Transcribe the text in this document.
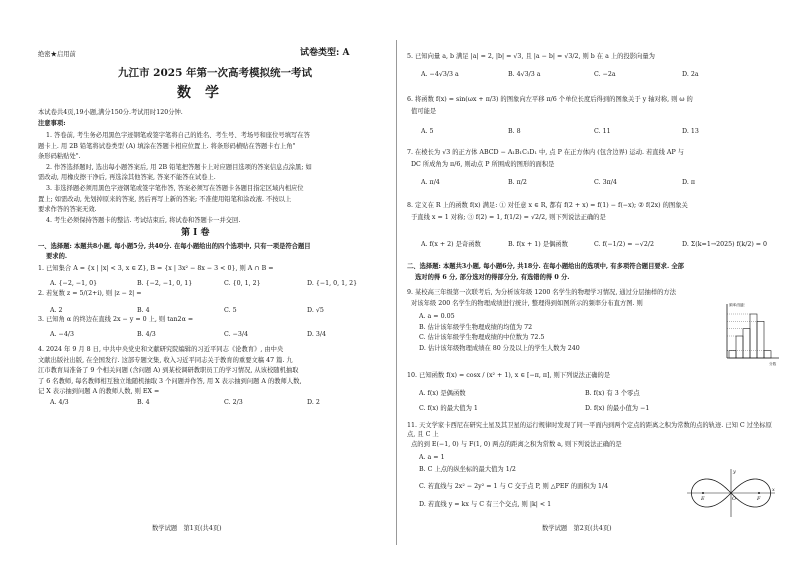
绝密★启用前	试卷类型: A
九江市 2025 年第一次高考模拟统一考试
数　学
本试卷共4页,19小题,满分150分.考试用时120分钟.
注意事项:
1. 答卷前, 考生务必用黑色字迹钢笔或签字笔将自己的姓名、考生号、考场号和座位号填写在答
题卡上. 用 2B 铅笔将试卷类型 (A) 填涂在答题卡相应位置上. 将条形码横贴在答题卡右上角"
条形码粘贴处".
2. 作答选择题时, 选出每小题答案后, 用 2B 铅笔把答题卡上对应题目选项的答案信息点涂黑; 如
需改动, 用橡皮擦干净后, 再选涂其他答案, 答案不能答在试卷上.
3. 非选择题必须用黑色字迹钢笔或签字笔作答, 答案必须写在答题卡各题目指定区域内相应位
置上; 如需改动, 先划掉原来的答案, 然后再写上新的答案; 不准使用铅笔和涂改液. 不按以上
要求作答的答案无效.
4. 考生必须保持答题卡的整洁. 考试结束后, 将试卷和答题卡一并交回.
第 Ⅰ 卷
一、选择题: 本题共8小题, 每小题5分, 共40分. 在每小题给出的四个选项中, 只有一项是符合题目
要求的.
1. 已知集合 A = {x | |x| < 3, x ∈ Z}, B = {x | 3x² − 8x − 3 < 0}, 则 A ∩ B =
A. {−2, −1, 0}	B. {−2, −1, 0, 1}	C. {0, 1, 2}	D. {−1, 0, 1, 2}
2. 若复数 z = 5/(2+i), 则 |z − z̄| =
A. 2	B. 4	C. 5	D. √5
3. 已知角 α 的终边在直线 2x − y = 0 上, 则 tan2α =
A. −4/3	B. 4/3	C. −3/4	D. 3/4
4. 2024 年 9 月 8 日, 中共中央党史和文献研究院编辑的习近平同志《论教育》, 由中央
文献出版社出版, 在全国发行. 这部专题文集, 收入习近平同志关于教育的重要文稿 47 篇. 九
江市教育局准备了 9 个相关问题 (含问题 A) 到某校调研教职员工的学习情况, 从该校随机抽取
了 6 名教师, 每名教师相互独立地随机抽取 3 个问题并作答, 用 X 表示抽到问题 A 的教师人数,
记 X 表示抽到问题 A 的教师人数, 则 EX =
A. 4/3	B. 4	C. 2/3	D. 2
数学试题　第1页(共4页)
5. 已知向量 a, b 满足 |a| = 2, |b| = √3, 且 |a − b| = √3/2, 则 b 在 a 上的投影向量为
A. −4√3/3 a	B. 4√3/3 a	C. −2a	D. 2a
6. 将函数 f(x) = sin(ωx + π/3) 的图象向左平移 π/6 个单位长度后得到的图象关于 y 轴对称, 则 ω 的
值可能是
A. 5	B. 8	C. 11	D. 13
7. 在棱长为 √3 的正方体 ABCD − A₁B₁C₁D₁ 中, 点 P 在正方体内 (包含边界) 运动. 若直线 AP 与
DC 所成角为 π/6, 则动点 P 所围成的图形的面积是
A. π/4	B. π/2	C. 3π/4	D. π
8. 定义在 R 上的函数 f(x) 满足: ① 对任意 x ∈ R, 都有 f(2 + x) = f(1) − f(−x); ② f(2x) 的图象关
于直线 x = 1 对称; ③ f(2) = 1, f(1/2) = √2/2, 则下列说法正确的是
A. f(x + 2) 是奇函数	B. f(x + 1) 是偶函数	C. f(−1/2) = −√2/2	D. Σ(k=1→2025) f(k/2) = 0
二、选择题: 本题共3小题, 每小题6分, 共18分. 在每小题给出的选项中, 有多项符合题目要求. 全部
选对的得 6 分, 部分选对的得部分分, 有选错的得 0 分.
9. 某校高三年级第一次联考后, 为分析该年级 1200 名学生的物理学习情况, 通过分层抽样的方法
对该年级 200 名学生的物理成绩进行统计, 整理得到如图所示的频率分布直方图. 则
A. a = 0.05
B. 估计该年级学生物理成绩的均值为 72
C. 估计该年级学生物理成绩的中位数为 72.5
D. 估计该年级物理成绩在 80 分及以上的学生人数为 240
10. 已知函数 f(x) = cosx / (x² + 1), x ∈ [−π, π], 则下列说法正确的是
A. f(x) 是偶函数	B. f(x) 有 3 个零点
C. f(x) 的最大值为 1	D. f(x) 的最小值为 −1
11. 天文学家卡西尼在研究土星及其卫星的运行规律时发现了同一平面内到两个定点的距离之积为常数的点的轨迹. 已知 C 过坐标原点, 且 C 上
点的到 E(−1, 0) 与 F(1, 0) 两点的距离之积为常数 a, 则下列说法正确的是
A. a = 1
B. C 上点的纵坐标的最大值为 1/2
C. 若直线与 2x² − 2y² = 1 与 C 交于点 P, 则 △PEF 的面积为 1/4
D. 若直线 y = kx 与 C 有三个交点, 则 |k| < 1
数学试题　第2页(共4页)
频率/组距
分数
x
y
E	F
O
